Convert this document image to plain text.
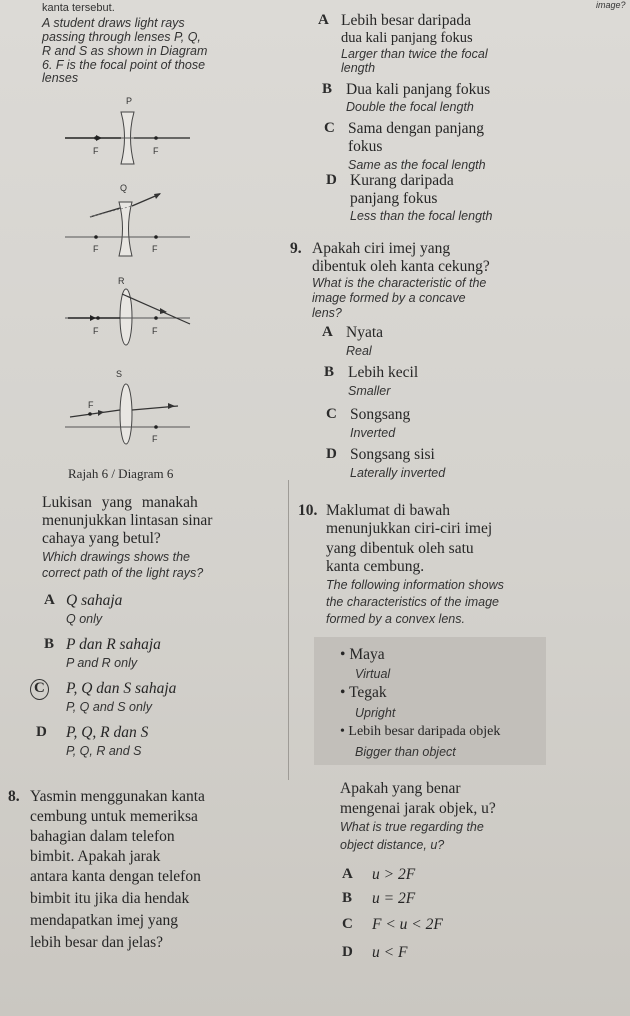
kanta tersebut.	image?
A student draws light rays
passing through lenses P, Q,
R and S as shown in Diagram
6. F is the focal point of those
lenses
P
F	F
Q
F	F
R
F	F
S
F
F
Rajah 6 / Diagram 6
Lukisan yang manakah
menunjukkan lintasan sinar
cahaya yang betul?
Which drawings shows the
correct path of the light rays?
A Q sahaja
Q only
B P dan R sahaja
P and R only
C P, Q dan S sahaja
P, Q and S only
D P, Q, R dan S
P, Q, R and S
A Lebih besar daripada
dua kali panjang fokus
Larger than twice the focal
length
B Dua kali panjang fokus
Double the focal length
C Sama dengan panjang
fokus
Same as the focal length
D Kurang daripada
panjang fokus
Less than the focal length
9. Apakah ciri imej yang
dibentuk oleh kanta cekung?
What is the characteristic of the
image formed by a concave
lens?
A Nyata
Real
B Lebih kecil
Smaller
C Songsang
Inverted
D Songsang sisi
Laterally inverted
10. Maklumat di bawah
menunjukkan ciri-ciri imej
yang dibentuk oleh satu
kanta cembung.
The following information shows
the characteristics of the image
formed by a convex lens.
• Maya
Virtual
• Tegak
Upright
• Lebih besar daripada objek
Bigger than object
Apakah yang benar
mengenai jarak objek, u?
What is true regarding the
object distance, u?
A u > 2F
B u = 2F
C F < u < 2F
D u < F
8. Yasmin menggunakan kanta
cembung untuk memeriksa
bahagian dalam telefon
bimbit. Apakah jarak
antara kanta dengan telefon
bimbit itu jika dia hendak
mendapatkan imej yang
lebih besar dan jelas?
